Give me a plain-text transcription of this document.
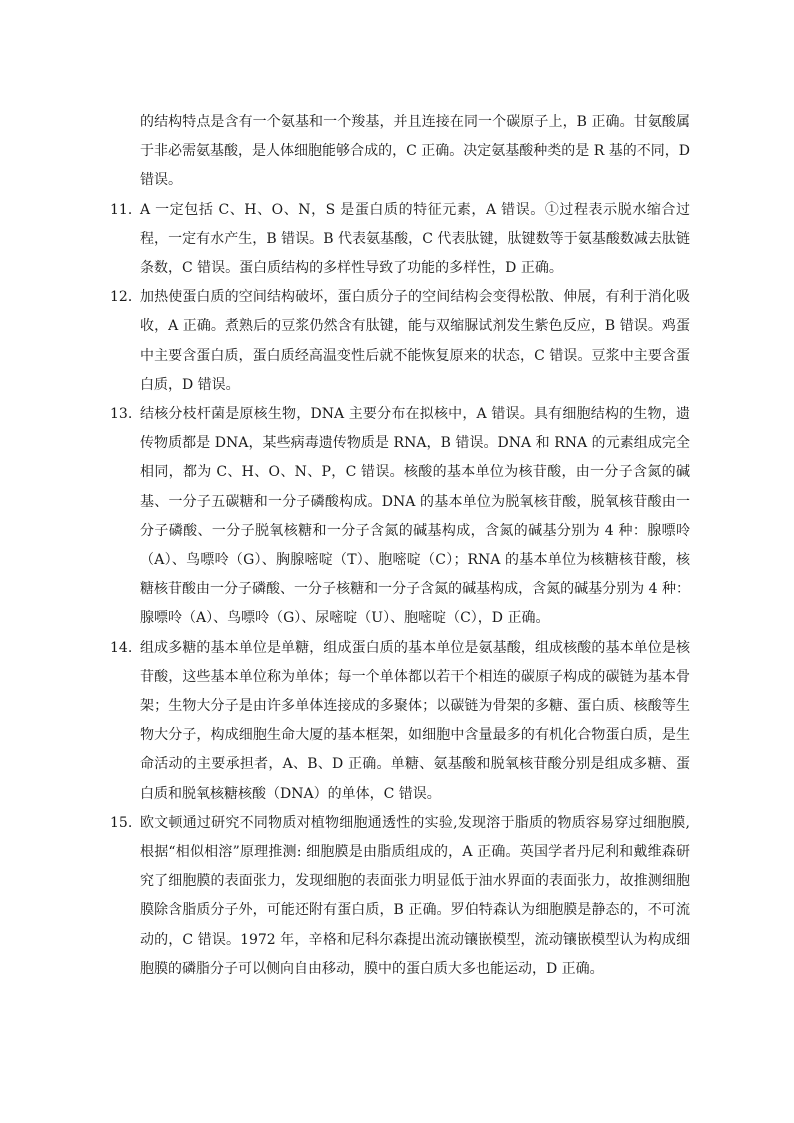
的结构特点是含有一个氨基和一个羧基，并且连接在同一个碳原子上，B 正确。甘氨酸属于非必需氨基酸，是人体细胞能够合成的，C 正确。决定氨基酸种类的是 R 基的不同，D 错误。
11．
A 一定包括 C、H、O、N，S 是蛋白质的特征元素，A 错误。①过程表示脱水缩合过程，一定有水产生，B 错误。B 代表氨基酸，C 代表肽键，肽键数等于氨基酸数减去肽链条数，C 错误。蛋白质结构的多样性导致了功能的多样性，D 正确。
12．
加热使蛋白质的空间结构破坏，蛋白质分子的空间结构会变得松散、伸展，有利于消化吸收，A 正确。煮熟后的豆浆仍然含有肽键，能与双缩脲试剂发生紫色反应，B 错误。鸡蛋中主要含蛋白质，蛋白质经高温变性后就不能恢复原来的状态，C 错误。豆浆中主要含蛋白质，D 错误。
13. 结核分枝杆菌是原核生物，DNA 主要分布在拟核中，A 错误。具有细胞结构的生物，遗传物质都是 DNA，某些病毒遗传物质是 RNA，B 错误。DNA 和 RNA 的元素组成完全相同，都为 C、H、O、N、P，C 错误。核酸的基本单位为核苷酸，由一分子含氮的碱基、一分子五碳糖和一分子磷酸构成。DNA 的基本单位为脱氧核苷酸，脱氧核苷酸由一分子磷酸、一分子脱氧核糖和一分子含氮的碱基构成，含氮的碱基分别为 4 种：腺嘌呤（A）、鸟嘌呤（G）、胸腺嘧啶（T）、胞嘧啶（C）；RNA 的基本单位为核糖核苷酸，核糖核苷酸由一分子磷酸、一分子核糖和一分子含氮的碱基构成，含氮的碱基分别为 4 种：腺嘌呤（A）、鸟嘌呤（G）、尿嘧啶（U）、胞嘧啶（C），D 正确。
14. 组成多糖的基本单位是单糖，组成蛋白质的基本单位是氨基酸，组成核酸的基本单位是核苷酸，这些基本单位称为单体；每一个单体都以若干个相连的碳原子构成的碳链为基本骨架；生物大分子是由许多单体连接成的多聚体；以碳链为骨架的多糖、蛋白质、核酸等生物大分子，构成细胞生命大厦的基本框架，如细胞中含量最多的有机化合物蛋白质，是生命活动的主要承担者，A、B、D 正确。单糖、氨基酸和脱氧核苷酸分别是组成多糖、蛋白质和脱氧核糖核酸（DNA）的单体，C 错误。
15. 欧文顿通过研究不同物质对植物细胞通透性的实验,发现溶于脂质的物质容易穿过细胞膜,根据“相似相溶”原理推测: 细胞膜是由脂质组成的，A 正确。英国学者丹尼利和戴维森研究了细胞膜的表面张力，发现细胞的表面张力明显低于油水界面的表面张力，故推测细胞膜除含脂质分子外，可能还附有蛋白质，B 正确。罗伯特森认为细胞膜是静态的，不可流动的，C 错误。1972 年，辛格和尼科尔森提出流动镶嵌模型，流动镶嵌模型认为构成细胞膜的磷脂分子可以侧向自由移动，膜中的蛋白质大多也能运动，D 正确。
